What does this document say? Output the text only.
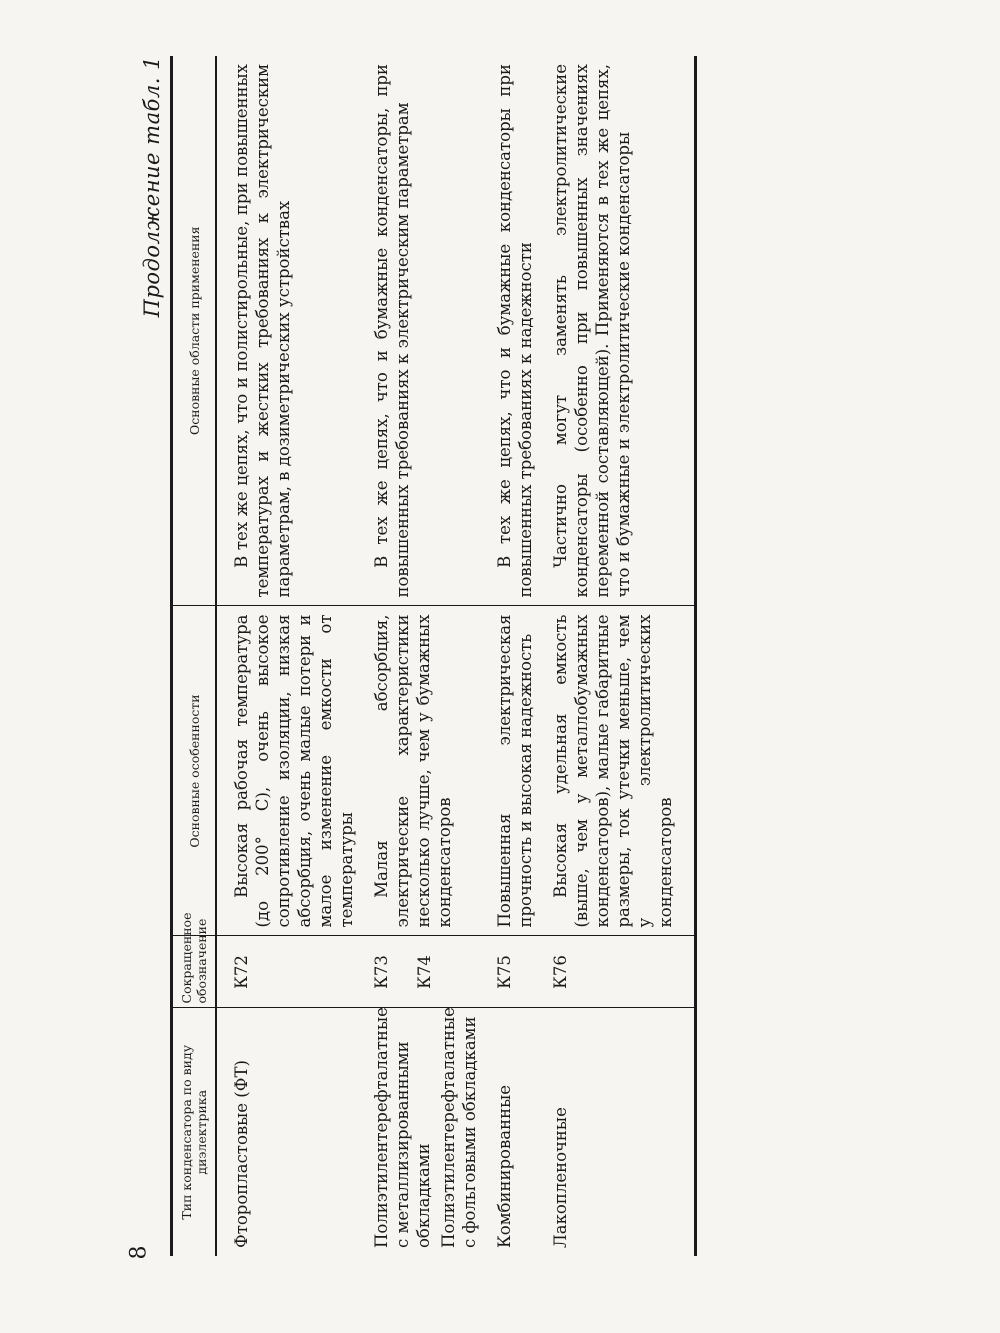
8
Продолжение табл. 1
Тип конденсатора по виду диэлектрика	Сокращенное обозначение	Основные особенности	Основные области применения

Фторопластовые (ФТ)	К72	Высокая рабочая температура (до 200° С), очень высокое сопротивление изоляции, низкая абсорбция, очень малые потери и малое изменение емкости от температуры	В тех же цепях, что и полистирольные, при повышенных температурах и жестких требованиях к электрическим параметрам, в дозиметрических устройствах

Полиэтилентерефталатные с металлизированными обкладками Полиэтилентерефталатные с фольговыми обкладками	К73 К74	Малая абсорбция, электрические характеристики несколько лучше, чем у бумажных конденсаторов	В тех же цепях, что и бумажные конденсаторы, при повышенных требованиях к электрическим параметрам

Комбинированные	К75	Повышенная электрическая прочность и высокая надежность	В тех же цепях, что и бумажные конденсаторы при повышенных требованиях к надежности

Лакопленочные	К76	Высокая удельная емкость (выше, чем у металлобумажных конденсаторов), малые габаритные размеры, ток утечки меньше, чем у электролитических конденсаторов	Частично могут заменять электролитические конденсаторы (особенно при повышенных значениях переменной составляющей). Применяются в тех же цепях, что и бумажные и электролитические конденсаторы
